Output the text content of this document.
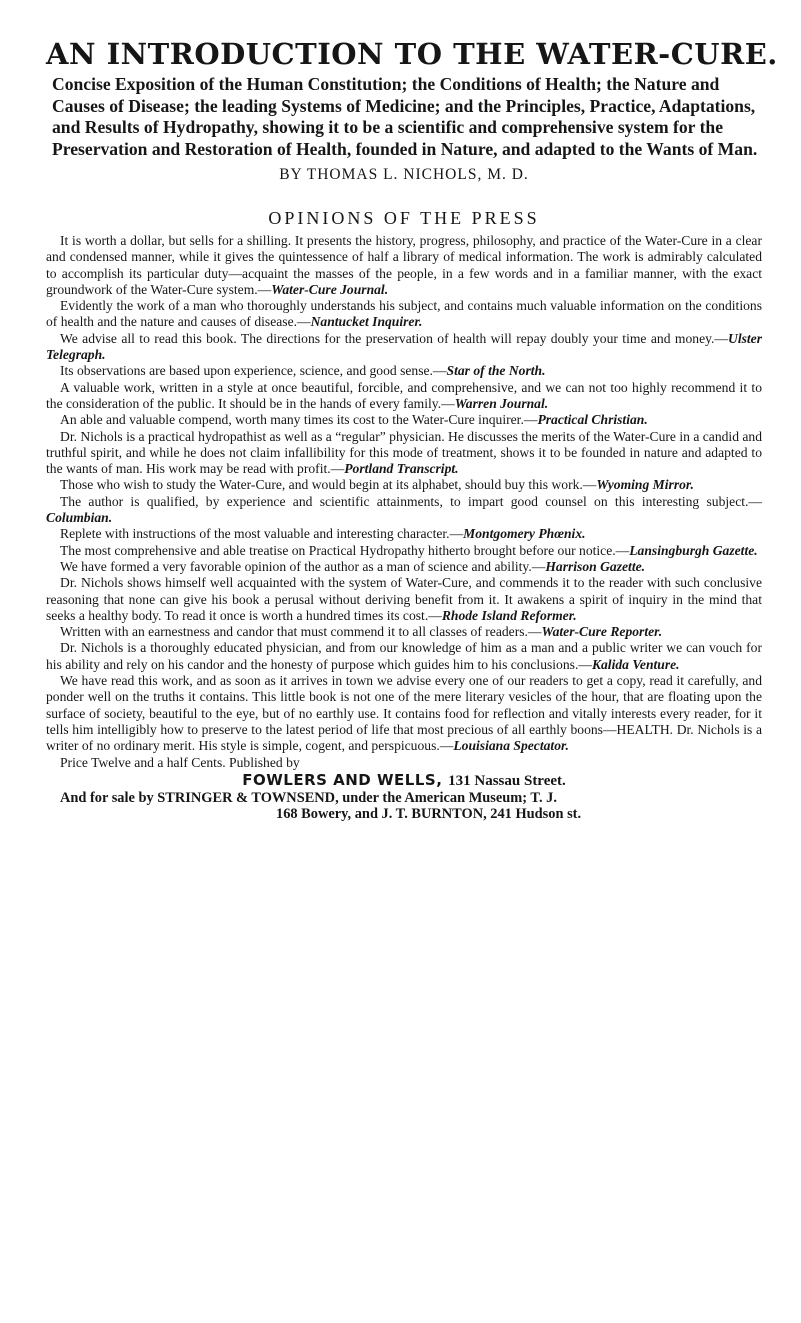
AN INTRODUCTION TO THE WATER-CURE.
Concise Exposition of the Human Constitution; the Conditions of Health; the Nature and Causes of Disease; the leading Systems of Medicine; and the Principles, Practice, Adaptations, and Results of Hydropathy, showing it to be a scientific and comprehensive system for the Preservation and Restoration of Health, founded in Nature, and adapted to the Wants of Man.
BY THOMAS L. NICHOLS, M. D.
OPINIONS OF THE PRESS

It is worth a dollar, but sells for a shilling. It presents the history, progress, philosophy, and practice of the Water-Cure in a clear and condensed manner, while it gives the quintessence of half a library of medical information. The work is admirably calculated to accomplish its particular duty—acquaint the masses of the people, in a few words and in a familiar manner, with the exact groundwork of the Water-Cure system.—Water-Cure Journal.

Evidently the work of a man who thoroughly understands his subject, and contains much valuable information on the conditions of health and the nature and causes of disease.—Nantucket Inquirer.

We advise all to read this book. The directions for the preservation of health will repay doubly your time and money.—Ulster Telegraph.

Its observations are based upon experience, science, and good sense.—Star of the North.

A valuable work, written in a style at once beautiful, forcible, and comprehensive, and we can not too highly recommend it to the consideration of the public. It should be in the hands of every family.—Warren Journal.

An able and valuable compend, worth many times its cost to the Water-Cure inquirer.—Practical Christian.

Dr. Nichols is a practical hydropathist as well as a “regular” physician. He discusses the merits of the Water-Cure in a candid and truthful spirit, and while he does not claim infallibility for this mode of treatment, shows it to be founded in nature and adapted to the wants of man. His work may be read with profit.—Portland Transcript.

Those who wish to study the Water-Cure, and would begin at its alphabet, should buy this work.—Wyoming Mirror.

The author is qualified, by experience and scientific attainments, to impart good counsel on this interesting subject.—Columbian.

Replete with instructions of the most valuable and interesting character.—Montgomery Phœnix.

The most comprehensive and able treatise on Practical Hydropathy hitherto brought before our notice.—Lansingburgh Gazette.

We have formed a very favorable opinion of the author as a man of science and ability.—Harrison Gazette.

Dr. Nichols shows himself well acquainted with the system of Water-Cure, and commends it to the reader with such conclusive reasoning that none can give his book a perusal without deriving benefit from it. It awakens a spirit of inquiry in the mind that seeks a healthy body. To read it once is worth a hundred times its cost.—Rhode Island Reformer.

Written with an earnestness and candor that must commend it to all classes of readers.—Water-Cure Reporter.

Dr. Nichols is a thoroughly educated physician, and from our knowledge of him as a man and a public writer we can vouch for his ability and rely on his candor and the honesty of purpose which guides him to his conclusions.—Kalida Venture.

We have read this work, and as soon as it arrives in town we advise every one of our readers to get a copy, read it carefully, and ponder well on the truths it contains. This little book is not one of the mere literary vesicles of the hour, that are floating upon the surface of society, beautiful to the eye, but of no earthly use. It contains food for reflection and vitally interests every reader, for it tells him intelligibly how to preserve to the latest period of life that most precious of all earthly boons—HEALTH. Dr. Nichols is a writer of no ordinary merit. His style is simple, cogent, and perspicuous.—Louisiana Spectator.

Price Twelve and a half Cents. Published by

FOWLERS AND WELLS, 131 Nassau Street.

And for sale by STRINGER & TOWNSEND, under the American Museum; T. J.

168 Bowery, and J. T. BURNTON, 241 Hudson st.
